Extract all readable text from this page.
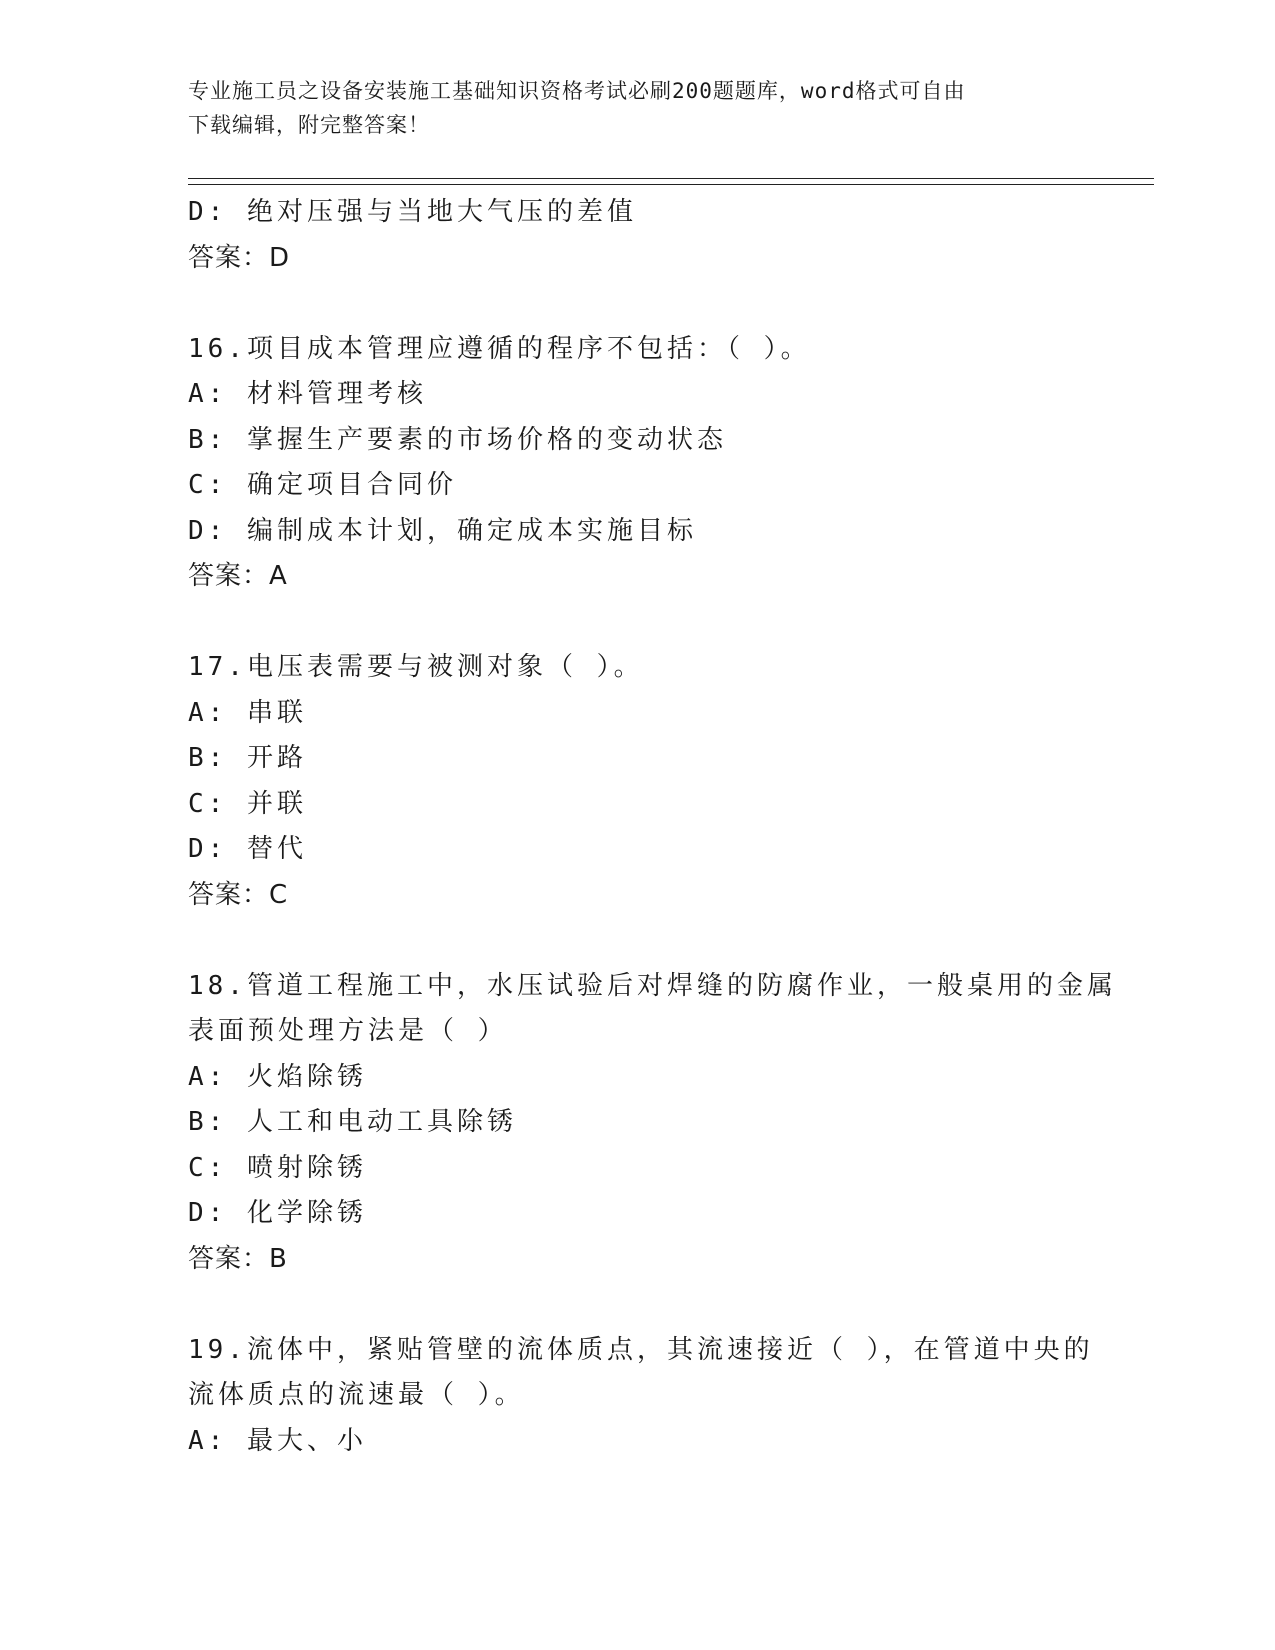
专业施工员之设备安装施工基础知识资格考试必刷200题题库，word格式可自由
下载编辑，附完整答案！
D: 绝对压强与当地大气压的差值
答案：D
16.项目成本管理应遵循的程序不包括：（ ）。
A: 材料管理考核
B: 掌握生产要素的市场价格的变动状态
C: 确定项目合同价
D: 编制成本计划，确定成本实施目标
答案：A
17.电压表需要与被测对象（ ）。
A: 串联
B: 开路
C: 并联
D: 替代
答案：C
18.管道工程施工中，水压试验后对焊缝的防腐作业，一般桌用的金属
表面预处理方法是（ ）
A: 火焰除锈
B: 人工和电动工具除锈
C: 喷射除锈
D: 化学除锈
答案：B
19.流体中，紧贴管壁的流体质点，其流速接近（ ），在管道中央的
流体质点的流速最（ ）。
A: 最大、小
